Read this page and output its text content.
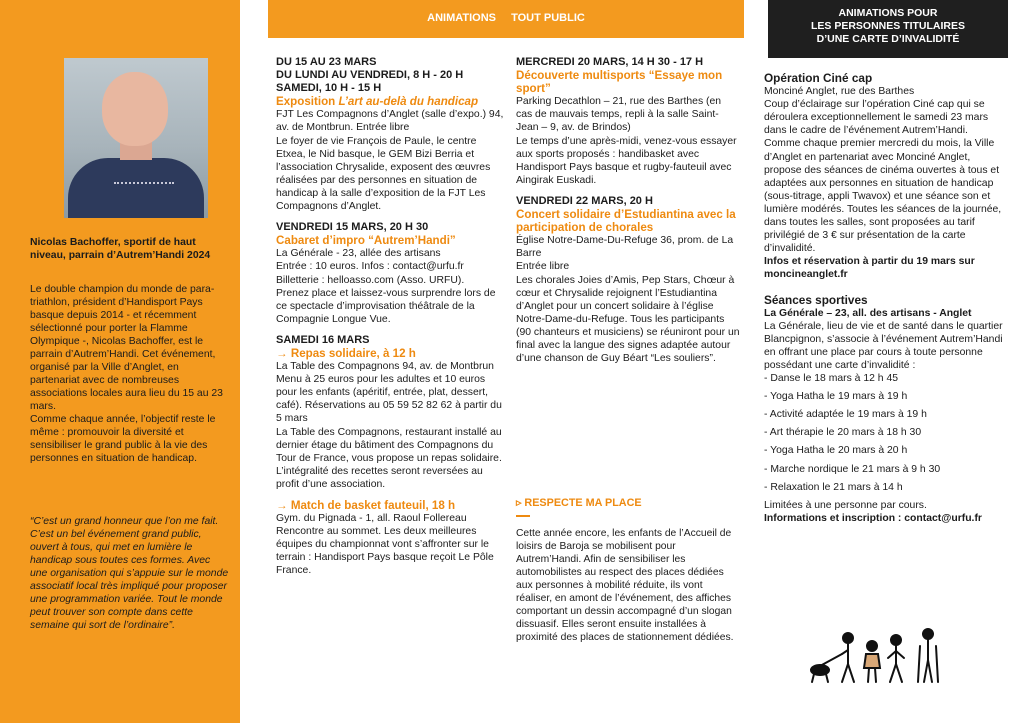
Nicolas Bachoffer, sportif de haut niveau, parrain d’Autrem’Handi 2024

Le double champion du monde de para-triathlon, président d’Handisport Pays basque depuis 2014 - et récemment sélectionné pour porter la Flamme Olympique -, Nicolas Bachoffer, est le parrain d’Autrem’Handi. Cet événement, organisé par la Ville d’Anglet, en partenariat avec de nombreuses associations locales aura lieu du 15 au 23 mars.

Comme chaque année, l’objectif reste le même : promouvoir la diversité et sensibiliser le grand public à la vie des personnes en situation de handicap.

“C’est un grand honneur que l’on me fait. C’est un bel événement grand public, ouvert à tous, qui met en lumière le handicap sous toutes ces formes. Avec une organisation qui s’appuie sur le monde associatif local très impliqué pour proposer une programmation variée. Tout le monde peut trouver son compte dans cette semaine qui sort de l’ordinaire”.
ANIMATIONS TOUT PUBLIC
DU 15 AU 23 MARS
DU LUNDI AU VENDREDI, 8 H - 20 H
SAMEDI, 10 H - 15 H
Exposition L’art au-delà du handicap

FJT Les Compagnons d’Anglet (salle d’expo.) 94, av. de Montbrun. Entrée libre

Le foyer de vie François de Paule, le centre Etxea, le Nid basque, le GEM Bizi Berria et l’association Chrysalide, exposent des œuvres réalisées par des personnes en situation de handicap à la salle d’exposition de la FJT Les Compagnons d’Anglet.

VENDREDI 15 MARS, 20 H 30
Cabaret d’impro “Autrem’Handi”

La Générale - 23, allée des artisans

Entrée : 10 euros. Infos : contact@urfu.fr Billetterie : helloasso.com (Asso. URFU).

Prenez place et laissez-vous surprendre lors de ce spectacle d’improvisation théâtrale de la Compagnie Longue Vue.

SAMEDI 16 MARS
→ Repas solidaire, à 12 h

La Table des Compagnons 94, av. de Montbrun

Menu à 25 euros pour les adultes et 10 euros pour les enfants (apéritif, entrée, plat, dessert, café). Réservations au 05 59 52 82 62 à partir du 5 mars

La Table des Compagnons, restaurant installé au dernier étage du bâtiment des Compagnons du Tour de France, vous propose un repas solidaire. L’intégralité des recettes seront reversées au profit d’une association.

→ Match de basket fauteuil, 18 h

Gym. du Pignada - 1, all. Raoul Follereau

Rencontre au sommet. Les deux meilleures équipes du championnat vont s’affronter sur le terrain : Handisport Pays basque reçoit Le Pôle France.

MERCREDI 20 MARS, 14 H 30 - 17 H
Découverte multisports “Essaye mon sport”

Parking Decathlon – 21, rue des Barthes (en cas de mauvais temps, repli à la salle Saint-Jean – 9, av. de Brindos)

Le temps d’une après-midi, venez-vous essayer aux sports proposés : handibasket avec Handisport Pays basque et rugby-fauteuil avec Aingirak Euskadi.

VENDREDI 22 MARS, 20 H
Concert solidaire d’Estudiantina avec la participation de chorales

Église Notre-Dame-Du-Refuge 36, prom. de La Barre

Entrée libre

Les chorales Joies d’Amis, Pep Stars, Chœur à cœur et Chrysalide rejoignent l’Estudiantina d’Anglet pour un concert solidaire à l’église Notre-Dame-du-Refuge. Tous les participants (90 chanteurs et musiciens) se réuniront pour un final avec la langue des signes adaptée autour d’une chanson de Guy Béart “Les souliers”.

▹ RESPECTE MA PLACE
Cette année encore, les enfants de l’Accueil de loisirs de Baroja se mobilisent pour Autrem’Handi. Afin de sensibiliser les automobilistes au respect des places dédiées aux personnes à mobilité réduite, ils vont réaliser, en amont de l’événement, des affiches comportant un dessin accompagné d’un slogan dissuasif. Elles seront ensuite installées à proximité des places de stationnement dédiées.
ANIMATIONS POUR
LES PERSONNES TITULAIRES
D’UNE CARTE D’INVALIDITÉ
Opération Ciné cap

Monciné Anglet, rue des Barthes

Coup d’éclairage sur l’opération Ciné cap qui se déroulera exceptionnellement le samedi 23 mars dans le cadre de l’événement Autrem’Handi.

Comme chaque premier mercredi du mois, la Ville d’Anglet en partenariat avec Monciné Anglet, propose des séances de cinéma ouvertes à tous et adaptées aux personnes en situation de handicap (sous-titrage, appli Twavox) et une séance son et lumière modérés. Toutes les séances de la journée, dans toutes les salles, sont proposées au tarif privilégié de 3 € sur présentation de la carte d’invalidité.

Infos et réservation à partir du 19 mars sur moncineanglet.fr

Séances sportives

La Générale – 23, all. des artisans - Anglet

La Générale, lieu de vie et de santé dans le quartier Blancpignon, s’associe à l’événement Autrem’Handi en offrant une place par cours à toute personne possédant une carte d’invalidité :

- Danse le 18 mars à 12 h 45
- Yoga Hatha le 19 mars à 19 h
- Activité adaptée le 19 mars à 19 h
- Art thérapie le 20 mars à 18 h 30
- Yoga Hatha le 20 mars à 20 h
- Marche nordique le 21 mars à 9 h 30
- Relaxation le 21 mars à 14 h

Limitées à une personne par cours.

Informations et inscription : contact@urfu.fr
